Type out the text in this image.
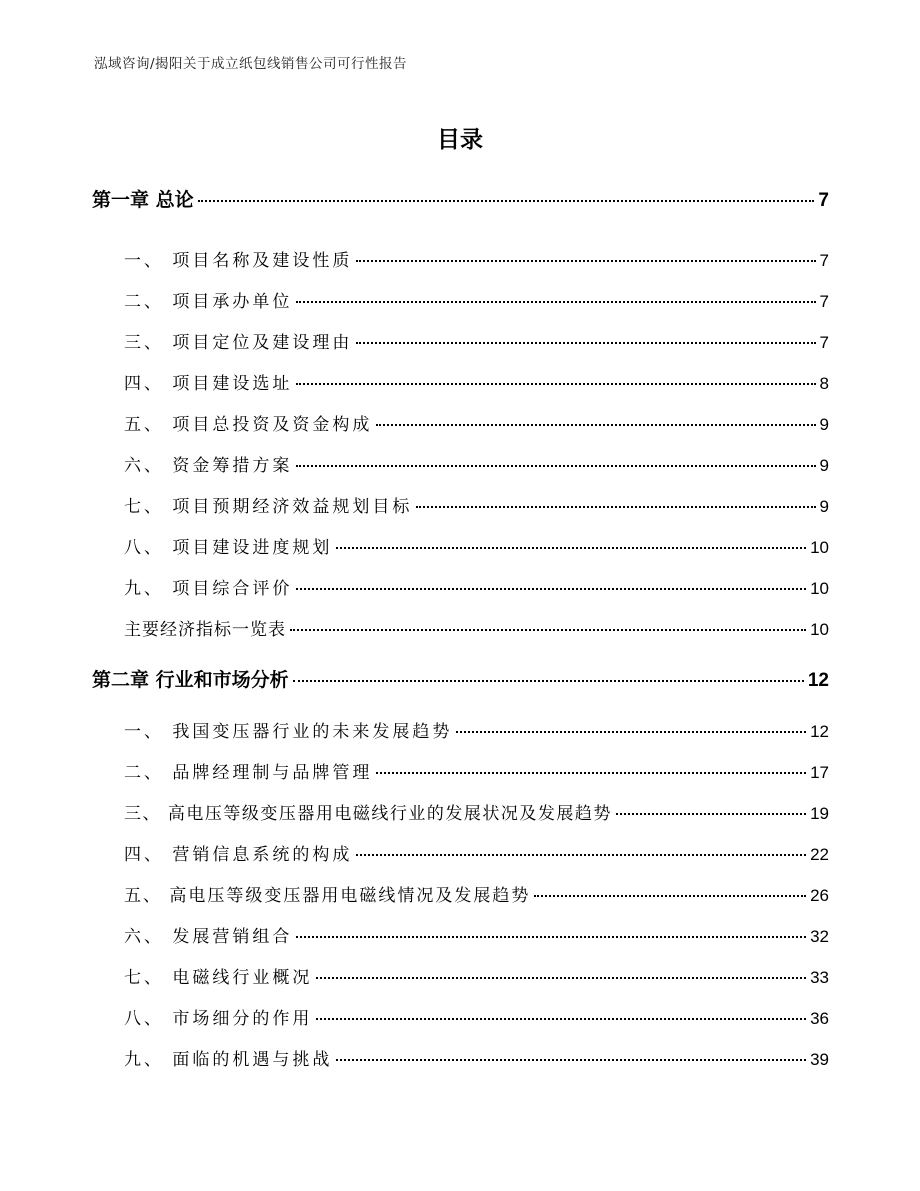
泓域咨询/揭阳关于成立纸包线销售公司可行性报告
目录
第一章 总论	7
一、 项目名称及建设性质	7
二、 项目承办单位	7
三、 项目定位及建设理由	7
四、 项目建设选址	8
五、 项目总投资及资金构成	9
六、 资金筹措方案	9
七、 项目预期经济效益规划目标	9
八、 项目建设进度规划	10
九、 项目综合评价	10
主要经济指标一览表	10
第二章 行业和市场分析	12
一、 我国变压器行业的未来发展趋势	12
二、 品牌经理制与品牌管理	17
三、 高电压等级变压器用电磁线行业的发展状况及发展趋势	19
四、 营销信息系统的构成	22
五、 高电压等级变压器用电磁线情况及发展趋势	26
六、 发展营销组合	32
七、 电磁线行业概况	33
八、 市场细分的作用	36
九、 面临的机遇与挑战	39
